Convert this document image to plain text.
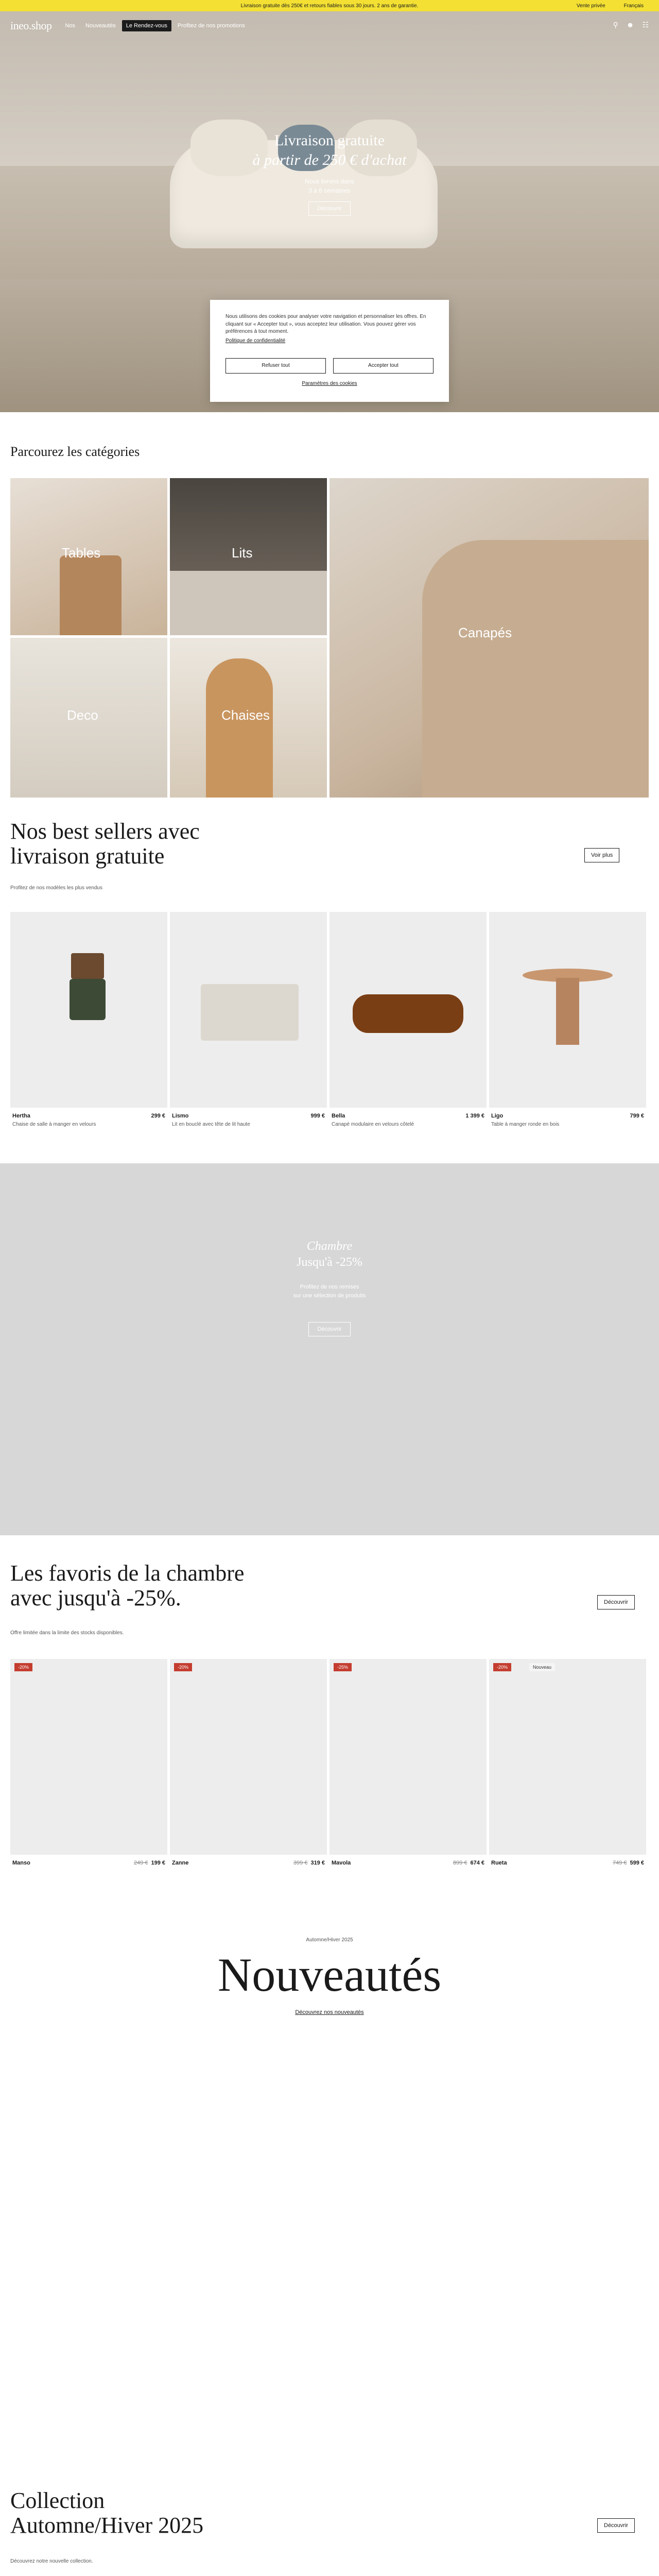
Livraison gratuite dès 250€ et retours fiables sous 30 jours. 2 ans de garantie.	Vente privée	Français
ineo.shop	Nos	Nouveautés	Le Rendez-vous	Profitez de nos promotions	⚲ ☻ ☷
Livraison gratuite
à partir de 250 € d'achat

Nous livrons dans
3 à 6 semaines

Découvrir

Nous utilisons des cookies pour analyser votre navigation et personnaliser les offres. En cliquant sur « Accepter tout », vous acceptez leur utilisation. Vous pouvez gérer vos préférences à tout moment.

Politique de confidentialité
Refuser tout	Accepter tout
Paramètres des cookies
Parcourez les catégories
Tables	Lits
Canapés
Deco	Chaises
Nos best sellers avec
livraison gratuite
Profitez de nos modèles les plus vendus
Voir plus
Hertha	299 €
Chaise de salle à manger en velours
Lismo	999 €
Lit en bouclé avec tête de lit haute
Bella	1 399 €
Canapé modulaire en velours côtelé
Ligo	799 €
Table à manger ronde en bois
Chambre
Jusqu'à -25%
Profitez de nos remises
sur une sélection de produits
Découvrir
Les favoris de la chambre
avec jusqu'à -25%.
Offre limitée dans la limite des stocks disponibles.
Découvrir
-20%
Manso	249 € 199 €
-20%
Zanne	399 € 319 €
-25%
Mavola	899 € 674 €
-20%	Nouveau
Rueta	749 € 599 €
Automne/Hiver 2025
Nouveautés
Découvrez nos nouveautés
Collection
Automne/Hiver 2025
Découvrez notre nouvelle collection.
Découvrir
